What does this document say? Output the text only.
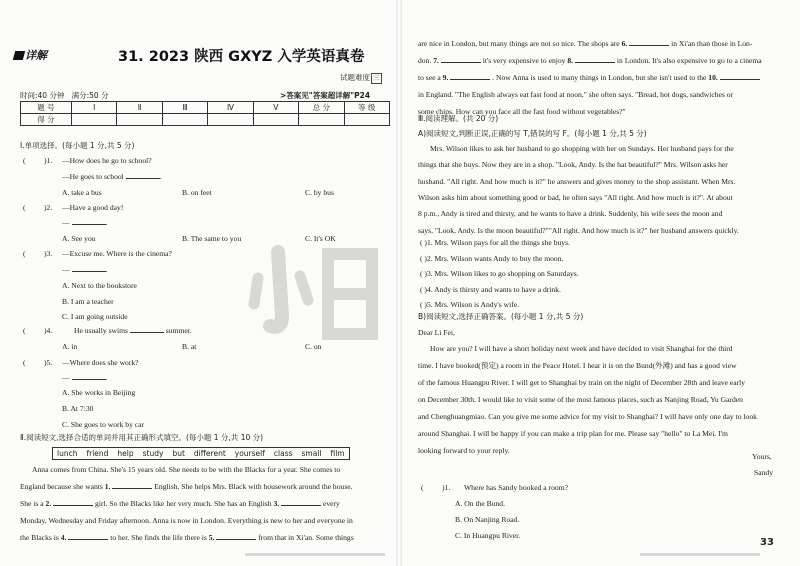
详解	31. 2023 陕西 GXYZ 入学英语真卷
试题难度 三
时间:40 分钟 满分:50 分	>答案见"答案超详解"P24
题 号	Ⅰ	Ⅱ	Ⅲ	Ⅳ	Ⅴ	总 分	等 级
得 分							
33
Ⅰ.单项选择。(每小题 1 分,共 5 分)
( )1. —How does he go to school?
—He goes to school	.
A. take a bus	B. on feet	C. by bus
( )2. —Have a good day!
—	.
A. See you	B. The same to you	C. It's OK
( )3. —Excuse me. Where is the cinema?
—	.
A. Next to the bookstore
B. I am a teacher
C. I am going outside
( )4.	He usually swims	summer.
A. in	B. at	C. on
( )5. —Where does she work?
—	.
A. She works in Beijing
B. At 7:30
C. She goes to work by car
Ⅱ.阅读短文,选择合适的单词并用其正确形式填空。(每小题 1 分,共 10 分)
lunch friend help study but different yourself class small film
Anna comes from China. She's 15 years old. She needs to be with the Blacks for a year. She comes to
England because she wants 1.	English. She helps Mrs. Black with housework around the house.
She is a 2.	girl. So the Blacks like her very much. She has an English 3.	every
Monday, Wednesday and Friday afternoon. Anna is now in London. Everything is new to her and everyone in
the Blacks is 4.	to her. She finds the life there is 5.	from that in Xi'an. Some things
are nice in London, but many things are not so nice. The shops are 6.	in Xi'an than those in Lon-
don. 7.	it's very expensive to enjoy 8.	in London. It's also expensive to go to a cinema
to see a 9.	. Now Anna is used to many things in London, but she isn't used to the 10.
in England. "The English always eat fast food at noon," she often says. "Bread, hot dogs, sandwiches or
some chips. How can you face all the fast food without vegetables?"
Ⅲ.阅读理解。(共 20 分)
A)阅读短文,判断正误,正确的写 T,错误的写 F。(每小题 1 分,共 5 分)
Mrs. Wilson likes to ask her husband to go shopping with her on Sundays. Her husband pays for the
things that she buys. Now they are in a shop. "Look, Andy. Is the hat beautiful?" Mrs. Wilson asks her
husband. "All right. And how much is it?" he answers and gives money to the shop assistant. When Mrs.
Wilson asks him about something good or bad, he often says "All right. And how much is it?". At about
8 p.m., Andy is tired and thirsty, and he wants to have a drink. Suddenly, his wife sees the moon and
says, "Look, Andy. Is the moon beautiful?""All right. And how much is it?" her husband answers quickly.
( )1. Mrs. Wilson pays for all the things she buys.
( )2. Mrs. Wilson wants Andy to buy the moon.
( )3. Mrs. Wilson likes to go shopping on Saturdays.
( )4. Andy is thirsty and wants to have a drink.
( )5. Mrs. Wilson is Andy's wife.
B)阅读短文,选择正确答案。(每小题 1 分,共 5 分)
Dear Li Fei,
How are you? I will have a short holiday next week and have decided to visit Shanghai for the third
time. I have booked(预定) a room in the Peace Hotel. I hear it is on the Bund(外滩) and has a good view
of the famous Huangpu River. I will get to Shanghai by train on the night of December 28th and leave early
on December 30th. I would like to visit some of the most famous places, such as Nanjing Road, Yu Garden
and Chenghuangmiao. Can you give me some advice for my visit to Shanghai? I will have only one day to look
around Shanghai. I will be happy if you can make a trip plan for me. Please say "hello" to La Mei. I'm
looking forward to your reply.
Yours,
Sandy
( )1. Where has Sandy booked a room?
A. On the Bund.
B. On Nanjing Road.
C. In Huangpu River.
